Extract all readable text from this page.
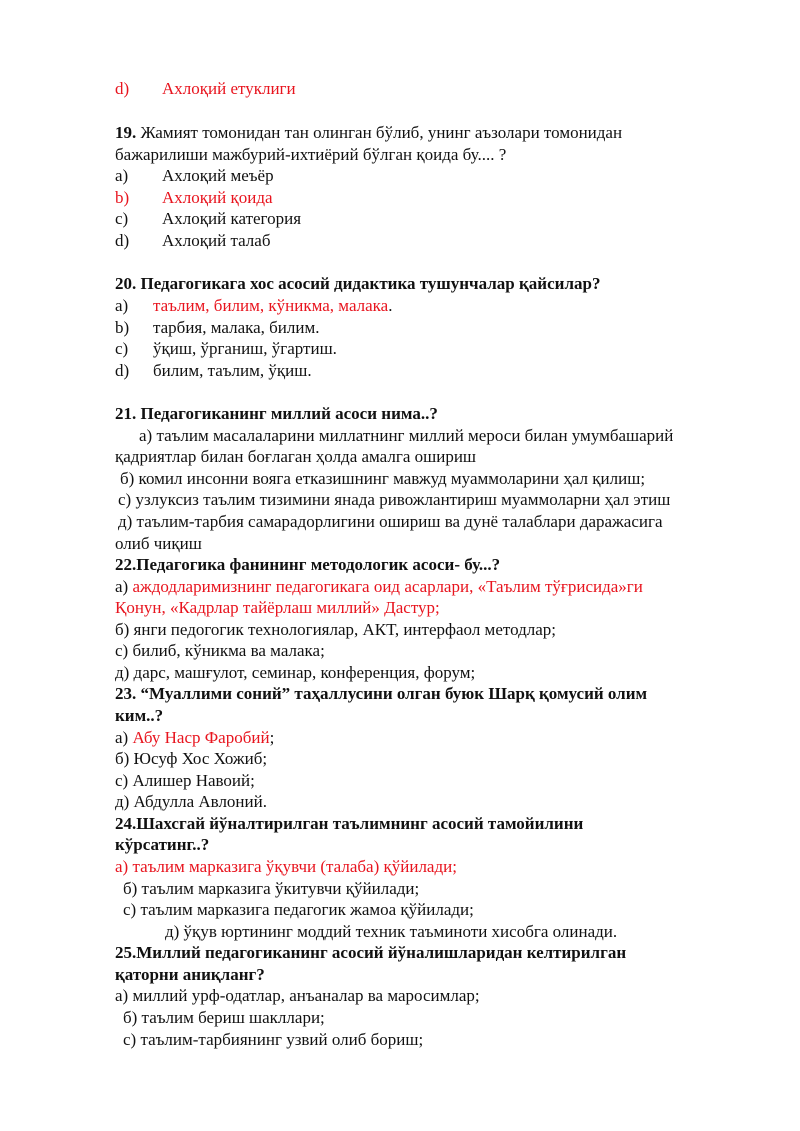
d) Ахлоқий етуклиги
19. Жамият томонидан тан олинган бўлиб, унинг аъзолари томонидан
бажарилиши мажбурий-ихтиёрий бўлган қоида бу.... ?
a) Ахлоқий меъёр
b) Ахлоқий қоида
c) Ахлоқий категория
d) Ахлоқий талаб
20. Педагогикага хос асосий дидактика тушунчалар қайсилар?
a) таълим, билим, кўникма, малака.
b) тарбия, малака, билим.
c) ўқиш, ўрганиш, ўгартиш.
d) билим, таълим, ўқиш.
21. Педагогиканинг миллий асоси нима..?
а) таълим масалаларини миллатнинг миллий мероси билан умумбашарий
қадриятлар билан боғлаган ҳолда амалга ошириш
б) комил инсонни вояга етказишнинг мавжуд муаммоларини ҳал қилиш;
с) узлуксиз таълим тизимини янада ривожлантириш муаммоларни ҳал этиш
д) таълим-тарбия самарадорлигини ошириш ва дунё талаблари даражасига
олиб чиқиш
22.Педагогика фанининг методологик асоси- бу...?
а) аждодларимизнинг педагогикага оид асарлари, «Таълим тўғрисида»ги
Қонун, «Кадрлар тайёрлаш миллий» Дастур;
б) янги педогогик технологиялар, АКТ, интерфаол методлар;
с) билиб, кўникма ва малака;
д) дарс, машғулот, семинар, конференция, форум;
23. “Муаллими соний” таҳаллусини олган буюк Шарқ қомусий олим
ким..?
а) Абу Наср Фаробий;
б) Юсуф Хос Хожиб;
с) Алишер Навоий;
д) Абдулла Авлоний.
24.Шахсгай йўналтирилган таълимнинг асосий тамойилини
кўрсатинг..?
а) таълим марказига ўқувчи (талаба) қўйилади;
б) таълим марказига ўкитувчи қўйилади;
с) таълим марказига педагогик жамоа қўйилади;
д) ўқув юртининг моддий техник таъминоти хисобга олинади.
25.Миллий педагогиканинг асосий йўналишларидан келтирилган
қаторни аниқланг?
а) миллий урф-одатлар, анъаналар ва маросимлар;
б) таълим бериш шакллари;
с) таълим-тарбиянинг узвий олиб бориш;
